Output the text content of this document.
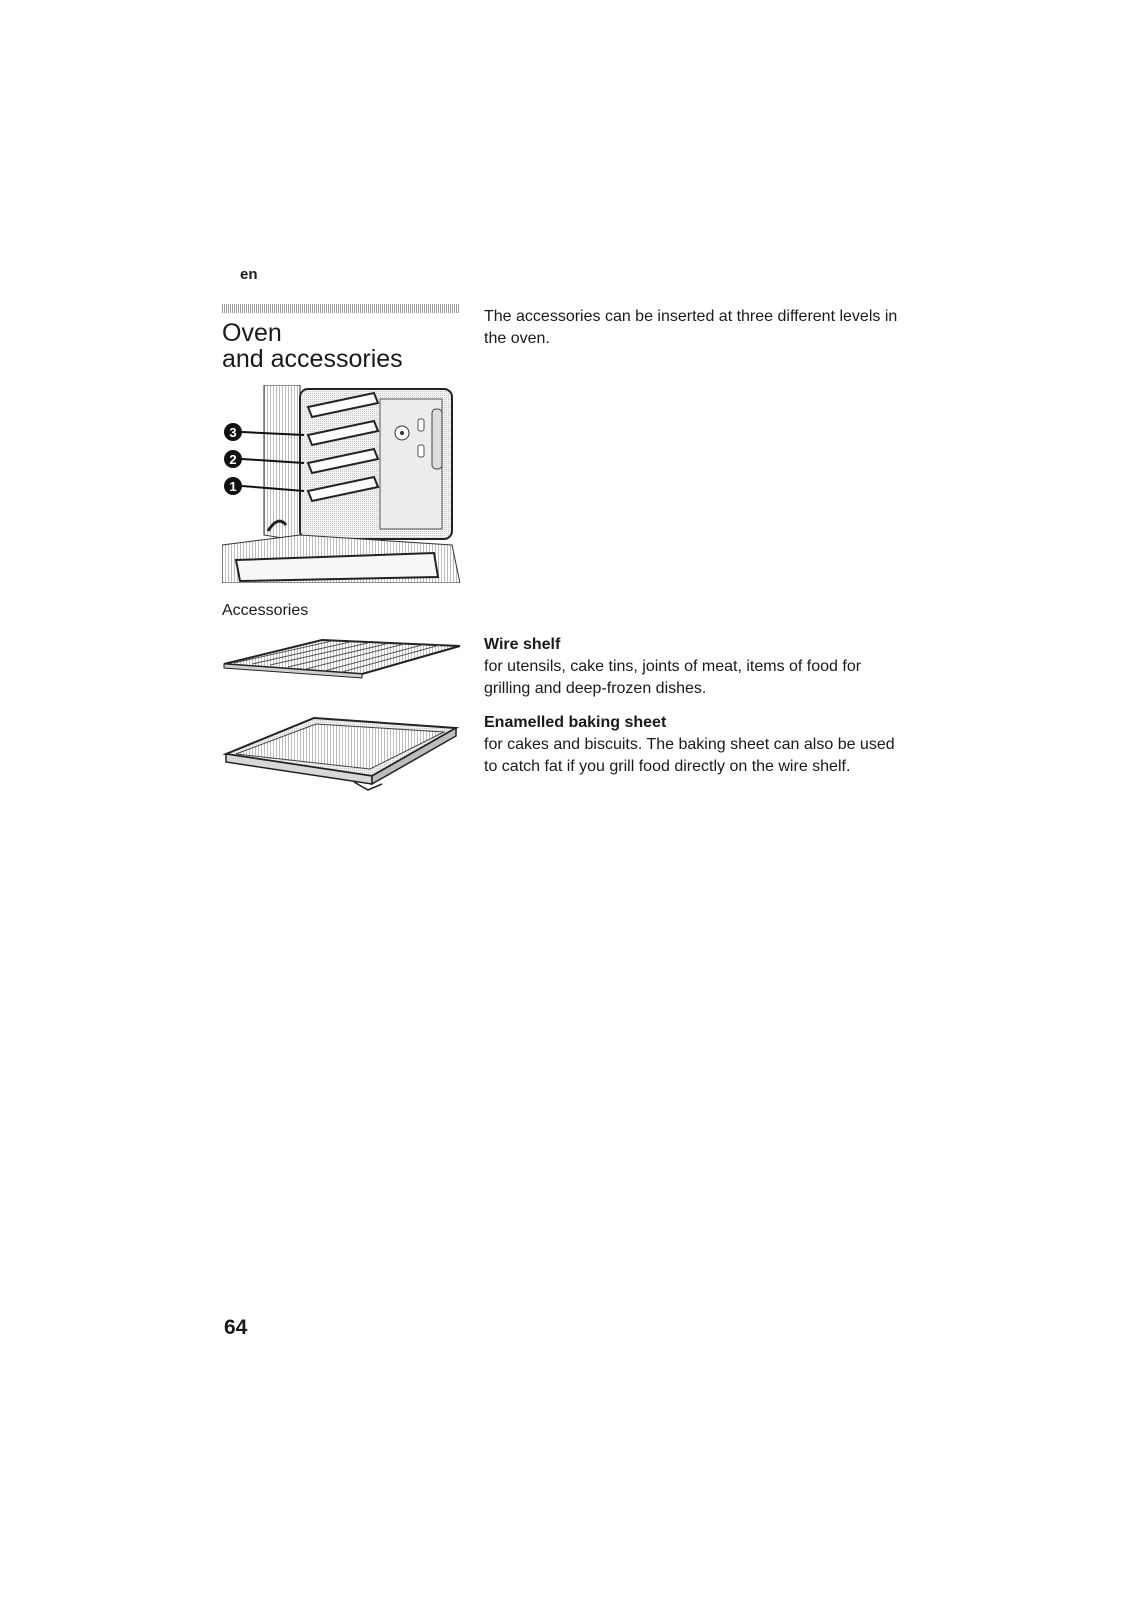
en
Oven
and accessories

The accessories can be inserted at three different levels in the oven.

3
2
1
Accessories

Wire shelf

for utensils, cake tins, joints of meat, items of food for grilling and deep-frozen dishes.

Enamelled baking sheet

for cakes and biscuits. The baking sheet can also be used to catch fat if you grill food directly on the wire shelf.

64
